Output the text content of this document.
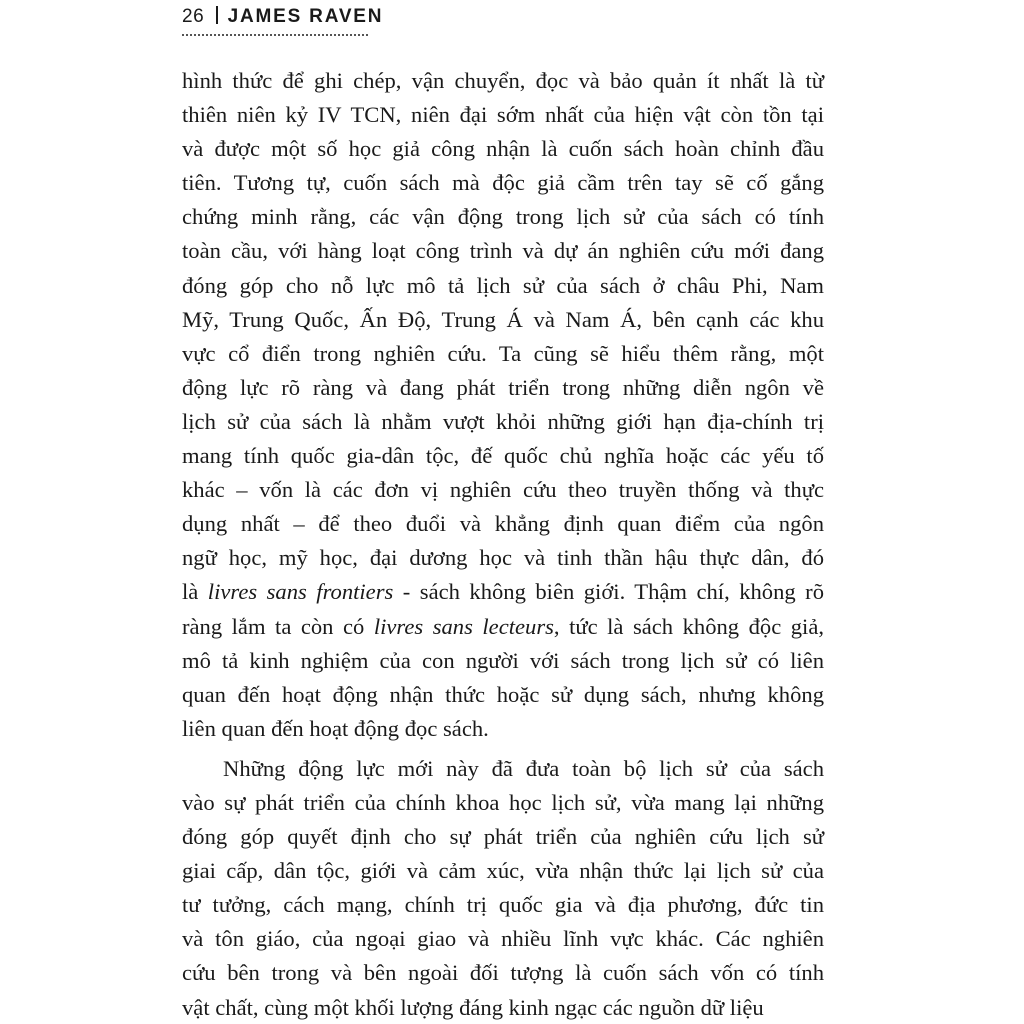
26 JAMES RAVEN

hình thức để ghi chép, vận chuyển, đọc và bảo quản ít nhất là từ
thiên niên kỷ IV TCN, niên đại sớm nhất của hiện vật còn tồn tại
và được một số học giả công nhận là cuốn sách hoàn chỉnh đầu
tiên. Tương tự, cuốn sách mà độc giả cầm trên tay sẽ cố gắng
chứng minh rằng, các vận động trong lịch sử của sách có tính
toàn cầu, với hàng loạt công trình và dự án nghiên cứu mới đang
đóng góp cho nỗ lực mô tả lịch sử của sách ở châu Phi, Nam
Mỹ, Trung Quốc, Ấn Độ, Trung Á và Nam Á, bên cạnh các khu
vực cổ điển trong nghiên cứu. Ta cũng sẽ hiểu thêm rằng, một
động lực rõ ràng và đang phát triển trong những diễn ngôn về
lịch sử của sách là nhằm vượt khỏi những giới hạn địa-chính trị
mang tính quốc gia-dân tộc, đế quốc chủ nghĩa hoặc các yếu tố
khác – vốn là các đơn vị nghiên cứu theo truyền thống và thực
dụng nhất – để theo đuổi và khẳng định quan điểm của ngôn
ngữ học, mỹ học, đại dương học và tinh thần hậu thực dân, đó
là livres sans frontiers - sách không biên giới. Thậm chí, không rõ
ràng lắm ta còn có livres sans lecteurs, tức là sách không độc giả,
mô tả kinh nghiệm của con người với sách trong lịch sử có liên
quan đến hoạt động nhận thức hoặc sử dụng sách, nhưng không
liên quan đến hoạt động đọc sách.

Những động lực mới này đã đưa toàn bộ lịch sử của sách
vào sự phát triển của chính khoa học lịch sử, vừa mang lại những
đóng góp quyết định cho sự phát triển của nghiên cứu lịch sử
giai cấp, dân tộc, giới và cảm xúc, vừa nhận thức lại lịch sử của
tư tưởng, cách mạng, chính trị quốc gia và địa phương, đức tin
và tôn giáo, của ngoại giao và nhiều lĩnh vực khác. Các nghiên
cứu bên trong và bên ngoài đối tượng là cuốn sách vốn có tính
vật chất, cùng một khối lượng đáng kinh ngạc các nguồn dữ liệu
